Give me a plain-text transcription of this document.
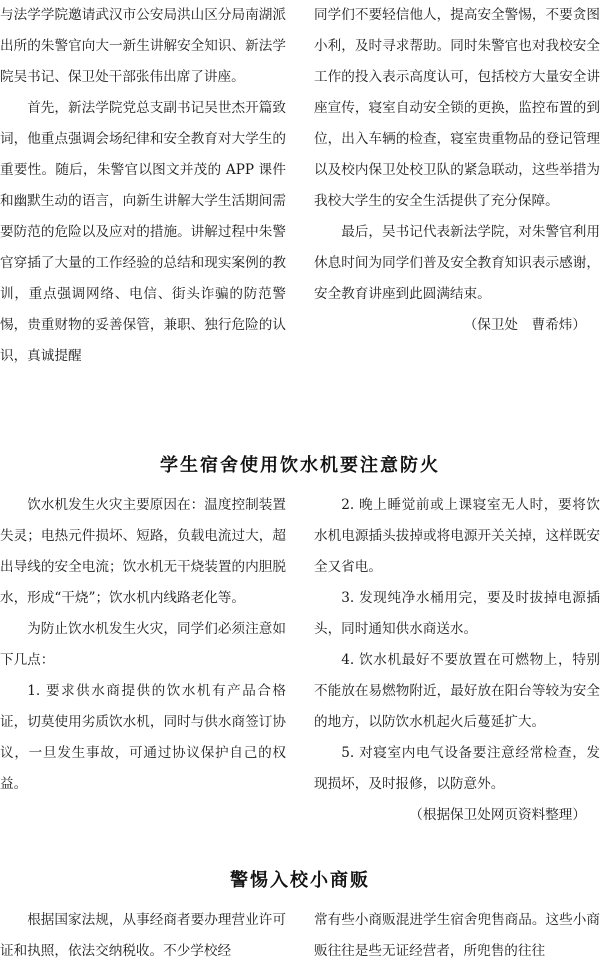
与法学学院邀请武汉市公安局洪山区分局南湖派出所的朱警官向大一新生讲解安全知识、新法学院吴书记、保卫处干部张伟出席了讲座。

首先，新法学院党总支副书记吴世杰开篇致词，他重点强调会场纪律和安全教育对大学生的重要性。随后，朱警官以图文并茂的 APP 课件和幽默生动的语言，向新生讲解大学生活期间需要防范的危险以及应对的措施。讲解过程中朱警官穿插了大量的工作经验的总结和现实案例的教训，重点强调网络、电信、街头诈骗的防范警惕，贵重财物的妥善保管，兼职、独行危险的认识，真诚提醒

同学们不要轻信他人，提高安全警惕，不要贪图小利，及时寻求帮助。同时朱警官也对我校安全工作的投入表示高度认可，包括校方大量安全讲座宣传，寝室自动安全锁的更换，监控布置的到位，出入车辆的检查，寝室贵重物品的登记管理以及校内保卫处校卫队的紧急联动，这些举措为我校大学生的安全生活提供了充分保障。

最后，吴书记代表新法学院，对朱警官利用休息时间为同学们普及安全教育知识表示感谢，安全教育讲座到此圆满结束。

（保卫处　曹希炜）

学生宿舍使用饮水机要注意防火

饮水机发生火灾主要原因在：温度控制装置失灵；电热元件损坏、短路，负载电流过大，超出导线的安全电流；饮水机无干烧装置的内胆脱水，形成“干烧”；饮水机内线路老化等。

为防止饮水机发生火灾，同学们必须注意如下几点：

1. 要求供水商提供的饮水机有产品合格证，切莫使用劣质饮水机，同时与供水商签订协议，一旦发生事故，可通过协议保护自己的权益。

2. 晚上睡觉前或上课寝室无人时，要将饮水机电源插头拔掉或将电源开关关掉，这样既安全又省电。

3. 发现纯净水桶用完，要及时拔掉电源插头，同时通知供水商送水。

4. 饮水机最好不要放置在可燃物上，特别不能放在易燃物附近，最好放在阳台等较为安全的地方，以防饮水机起火后蔓延扩大。

5. 对寝室内电气设备要注意经常检查，发现损坏，及时报修，以防意外。

（根据保卫处网页资料整理）

警惕入校小商贩

根据国家法规，从事经商者要办理营业许可证和执照，依法交纳税收。不少学校经

常有些小商贩混进学生宿舍兜售商品。这些小商贩往往是些无证经营者，所兜售的往往
